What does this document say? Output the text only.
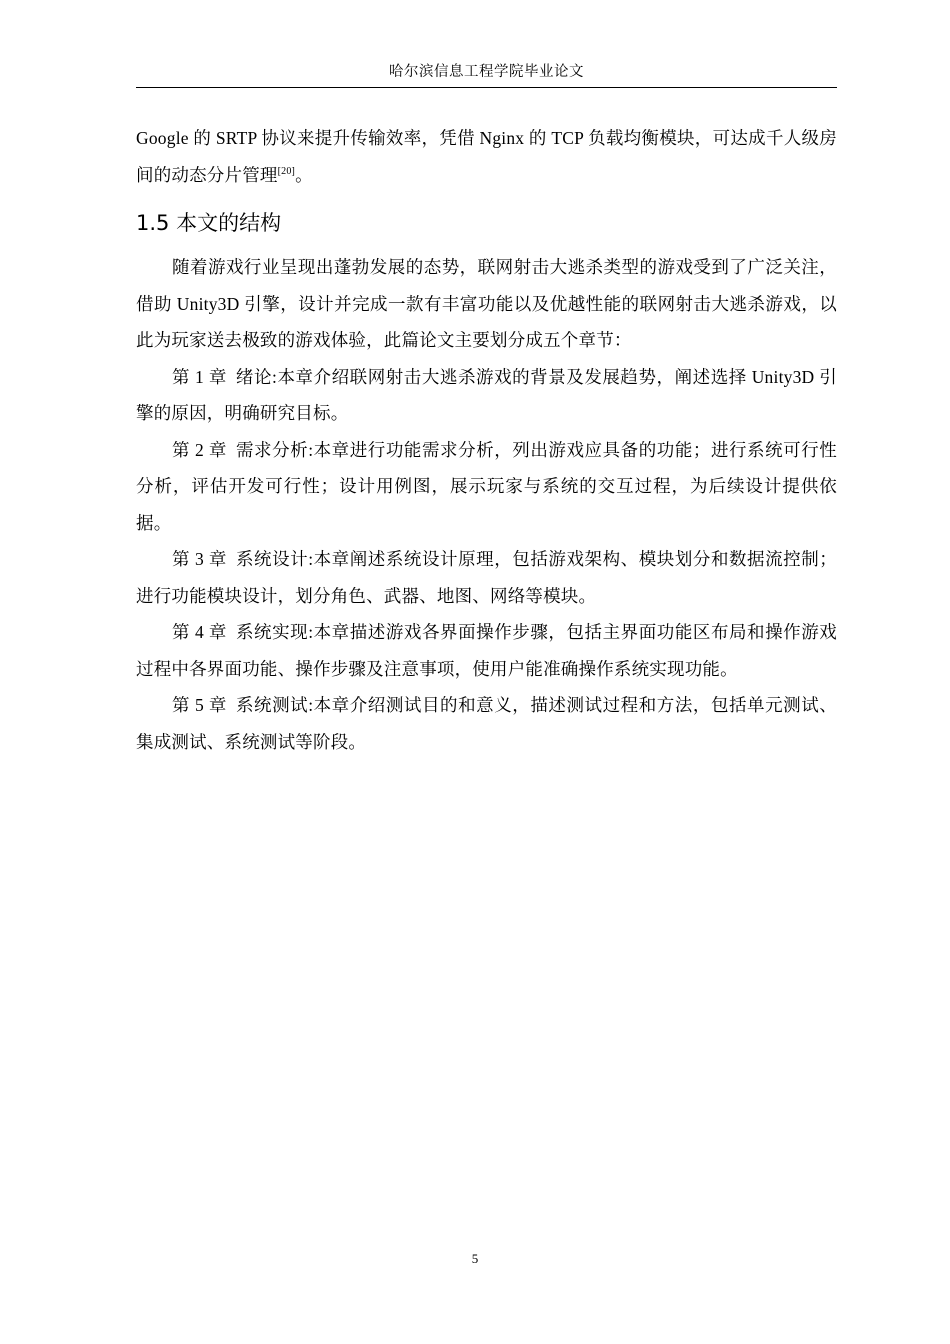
哈尔滨信息工程学院毕业论文

Google 的 SRTP 协议来提升传输效率，凭借 Nginx 的 TCP 负载均衡模块，可达成千人级房间的动态分片管理[20]。

1.5 本文的结构

随着游戏行业呈现出蓬勃发展的态势，联网射击大逃杀类型的游戏受到了广泛关注，借助 Unity3D 引擎，设计并完成一款有丰富功能以及优越性能的联网射击大逃杀游戏，以此为玩家送去极致的游戏体验，此篇论文主要划分成五个章节：

第 1 章 绪论:本章介绍联网射击大逃杀游戏的背景及发展趋势，阐述选择 Unity3D 引擎的原因，明确研究目标。

第 2 章 需求分析:本章进行功能需求分析，列出游戏应具备的功能；进行系统可行性分析，评估开发可行性；设计用例图，展示玩家与系统的交互过程，为后续设计提供依据。

第 3 章 系统设计:本章阐述系统设计原理，包括游戏架构、模块划分和数据流控制；进行功能模块设计，划分角色、武器、地图、网络等模块。

第 4 章 系统实现:本章描述游戏各界面操作步骤，包括主界面功能区布局和操作游戏过程中各界面功能、操作步骤及注意事项，使用户能准确操作系统实现功能。

第 5 章 系统测试:本章介绍测试目的和意义，描述测试过程和方法，包括单元测试、集成测试、系统测试等阶段。

5
